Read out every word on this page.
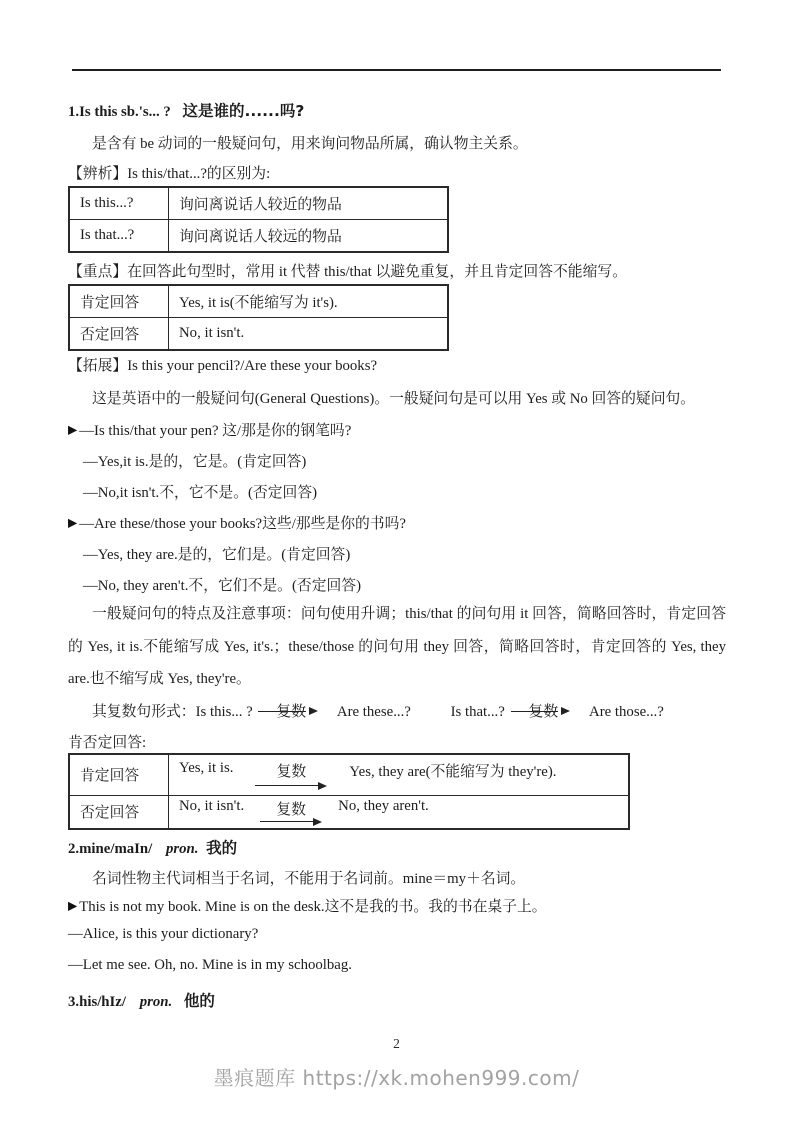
1.Is this sb.'s... ? 这是谁的......吗?
是含有 be 动词的一般疑问句，用来询问物品所属，确认物主关系。
【辨析】Is this/that...?的区别为:
Is this...?	询问离说话人较近的物品
Is that...?	询问离说话人较远的物品
【重点】在回答此句型时，常用 it 代替 this/that 以避免重复，并且肯定回答不能缩写。
肯定回答	Yes, it is(不能缩写为 it's).
否定回答	No, it isn't.
【拓展】Is this your pencil?/Are these your books?
这是英语中的一般疑问句(General Questions)。一般疑问句是可以用 Yes 或 No 回答的疑问句。
▶ —Is this/that your pen? 这/那是你的钢笔吗?
—Yes,it is.是的，它是。(肯定回答)
—No,it isn't.不，它不是。(否定回答)
▶ —Are these/those your books?这些/那些是你的书吗?
—Yes, they are.是的，它们是。(肯定回答)
—No, they aren't.不，它们不是。(否定回答)
一般疑问句的特点及注意事项：问句使用升调；this/that 的问句用 it 回答，简略回答时，肯定回答的 Yes, it is.不能缩写成 Yes, it's.；these/those 的问句用 they 回答，简略回答时，肯定回答的 Yes, they are.也不缩写成 Yes, they're。
其复数句形式：Is this... ? 复数 Are these...?	Is that...? 复数 Are those...?
肯否定回答:
肯定回答	Yes, it is. 复数 Yes, they are(不能缩写为 they're).

否定回答	No, it isn't. 复数 No, they aren't.
2.mine/maIn/ pron. 我的
名词性物主代词相当于名词，不能用于名词前。mine＝my＋名词。
▶ This is not my book. Mine is on the desk.这不是我的书。我的书在桌子上。
—Alice, is this your dictionary?
—Let me see. Oh, no. Mine is in my schoolbag.
3.his/hIz/ pron. 他的
2
墨痕题库 https://xk.mohen999.com/
